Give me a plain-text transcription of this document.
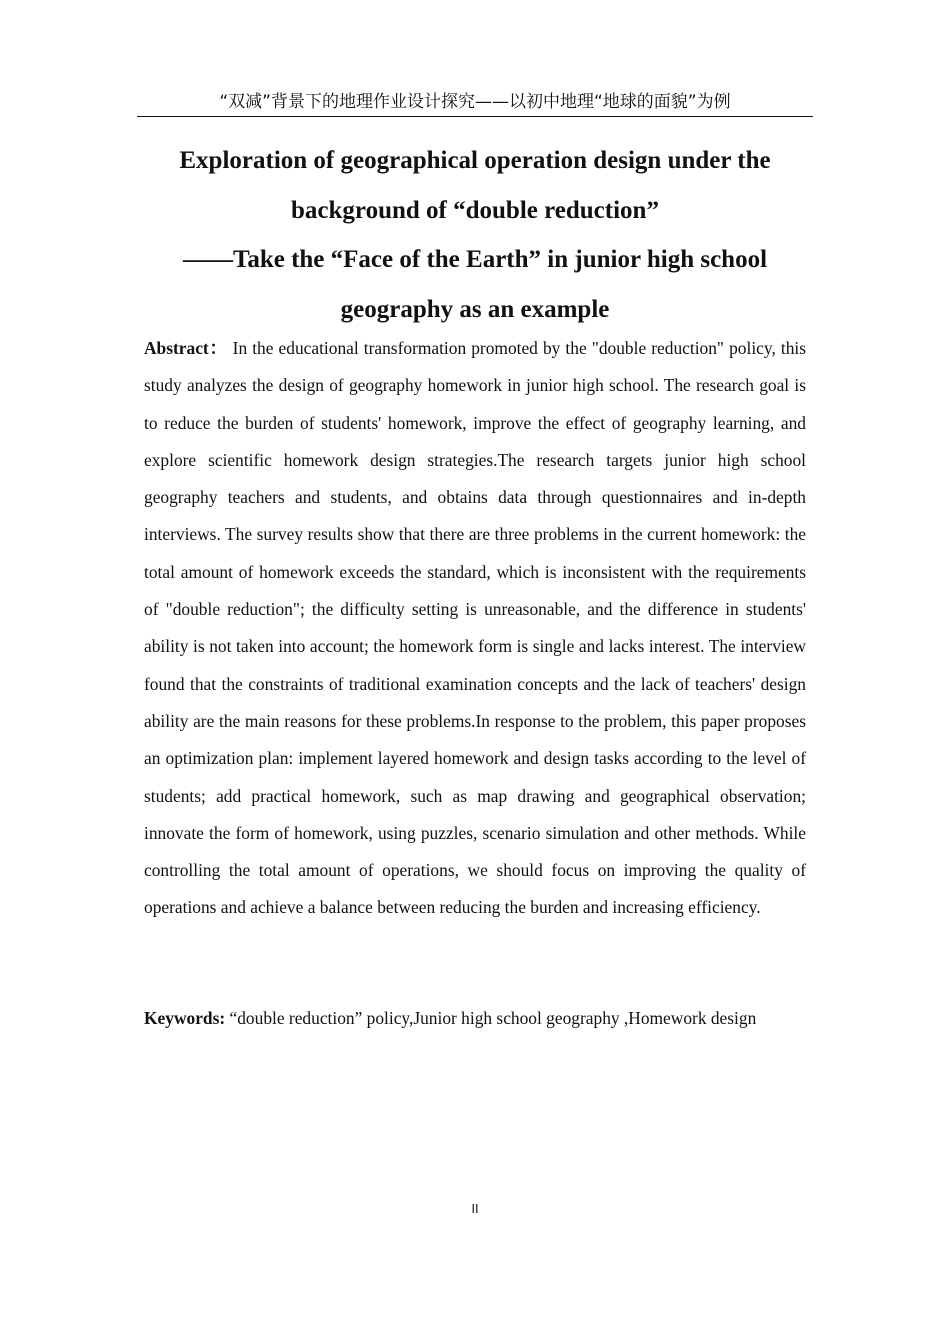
“双减”背景下的地理作业设计探究——以初中地理“地球的面貌”为例
Exploration of geographical operation design under the
background of “double reduction”
——Take the “Face of the Earth” in junior high school
geography as an example

Abstract： In the educational transformation promoted by the "double reduction" policy, this study analyzes the design of geography homework in junior high school. The research goal is to reduce the burden of students' homework, improve the effect of geography learning, and explore scientific homework design strategies.The research targets junior high school geography teachers and students, and obtains data through questionnaires and in-depth interviews. The survey results show that there are three problems in the current homework: the total amount of homework exceeds the standard, which is inconsistent with the requirements of "double reduction"; the difficulty setting is unreasonable, and the difference in students' ability is not taken into account; the homework form is single and lacks interest. The interview found that the constraints of traditional examination concepts and the lack of teachers' design ability are the main reasons for these problems.In response to the problem, this paper proposes an optimization plan: implement layered homework and design tasks according to the level of students; add practical homework, such as map drawing and geographical observation; innovate the form of homework, using puzzles, scenario simulation and other methods. While controlling the total amount of operations, we should focus on improving the quality of operations and achieve a balance between reducing the burden and increasing efficiency.

Keywords: “double reduction” policy,Junior high school geography ,Homework design

II
